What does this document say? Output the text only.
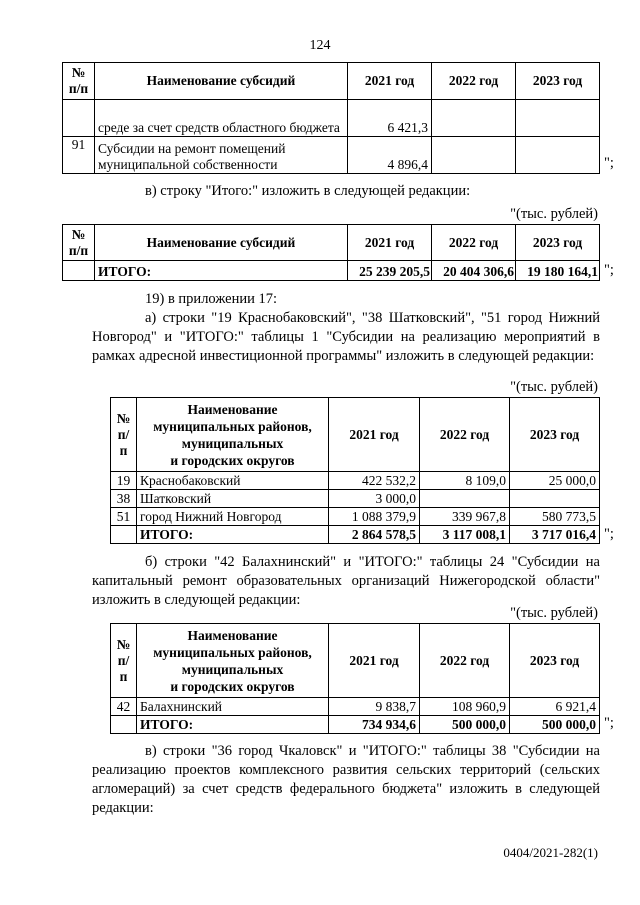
124
№
п/п	Наименование субсидий	2021 год	2022 год	2023 год
	среде за счет средств областного бюджета	6 421,3		
91	Субсидии на ремонт помещений муниципальной собственности	4 896,4			";
в) строку "Итого:" изложить в следующей редакции:
"(тыс. рублей)
№
п/п	Наименование субсидий	2021 год	2022 год	2023 год
	ИТОГО:	25 239 205,5	20 404 306,6	19 180 164,1 ";
19) в приложении 17:
а) строки "19 Краснобаковский", "38 Шатковский", "51 город Нижний Новгород" и "ИТОГО:" таблицы 1 "Субсидии на реализацию мероприятий в рамках адресной инвестиционной программы" изложить в следующей редакции:
"(тыс. рублей)
№
п/п	Наименование
муниципальных районов,
муниципальных
и городских округов	2021 год	2022 год	2023 год
19	Краснобаковский	422 532,2	8 109,0	25 000,0
38	Шатковский	3 000,0		
51	город Нижний Новгород	1 088 379,9	339 967,8	580 773,5
	ИТОГО:	2 864 578,5	3 117 008,1	3 717 016,4 ";
б) строки "42 Балахнинский" и "ИТОГО:" таблицы 24 "Субсидии на капитальный ремонт образовательных организаций Нижегородской области" изложить в следующей редакции:
"(тыс. рублей)
№
п/п	Наименование
муниципальных районов,
муниципальных
и городских округов	2021 год	2022 год	2023 год
42	Балахнинский	9 838,7	108 960,9	6 921,4
	ИТОГО:	734 934,6	500 000,0	500 000,0 ";
в) строки "36 город Чкаловск" и "ИТОГО:" таблицы 38 "Субсидии на реализацию проектов комплексного развития сельских территорий (сельских агломераций) за счет средств федерального бюджета" изложить в следующей редакции:
0404/2021-282(1)
